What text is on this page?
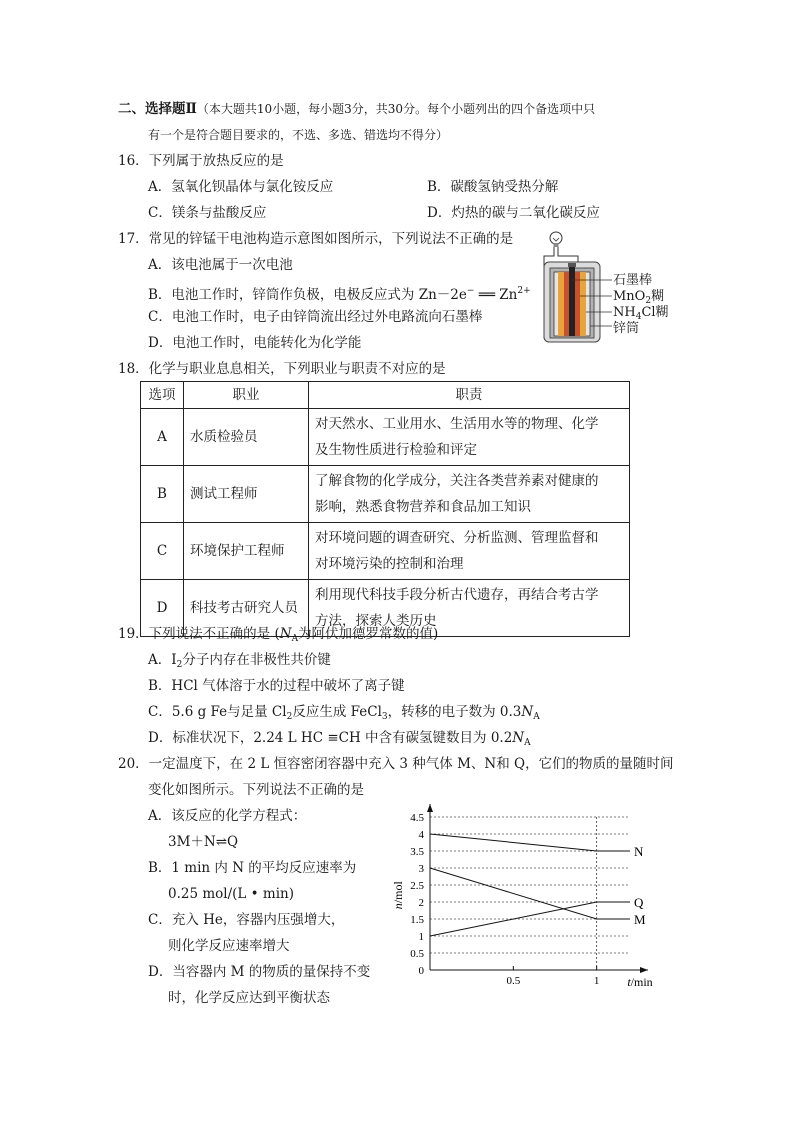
二、选择题Ⅱ（本大题共10小题，每小题3分，共30分。每个小题列出的四个备选项中只
有一个是符合题目要求的，不选、多选、错选均不得分）
16．下列属于放热反应的是
A．氢氧化钡晶体与氯化铵反应	B．碳酸氢钠受热分解
C．镁条与盐酸反应	D．灼热的碳与二氧化碳反应
17．常见的锌锰干电池构造示意图如图所示，下列说法不正确的是
A．该电池属于一次电池
B．电池工作时，锌筒作负极，电极反应式为 Zn－2e− ══ $Zn^{2+}$
C．电池工作时，电子由锌筒流出经过外电路流向石墨棒
D．电池工作时，电能转化为化学能
石墨棒
MnO$_2$糊
$NH_4Cl$糊
锌筒
18．化学与职业息息相关，下列职业与职责不对应的是
选项	职业	职责
A	水质检验员	对天然水、工业用水、生活用水等的物理、化学
及生物性质进行检验和评定
B	测试工程师	了解食物的化学成分，关注各类营养素对健康的
影响，熟悉食物营养和食品加工知识
C	环境保护工程师	对环境问题的调查研究、分析监测、管理监督和
对环境污染的控制和治理
D	科技考古研究人员	利用现代科技手段分析古代遗存，再结合考古学
方法，探索人类历史
19．下列说法不正确的是 ($N_A$为阿伏加德罗常数的值)
A．$I_2$分子内存在非极性共价键
B．HCl 气体溶于水的过程中破坏了离子键
C．5.6 g Fe与足量 $Cl_2$反应生成 FeCl$_3$，转移的电子数为 $0.3N_A$
D．标准状况下，2.24 L HC ≡CH 中含有碳氢键数目为 $0.2N_A$
20．一定温度下，在 2 L 恒容密闭容器中充入 3 种气体 M、N和 Q，它们的物质的量随时间
变化如图所示。下列说法不正确的是
A．该反应的化学方程式：
3M＋N⇌Q
B．1 min 内 N 的平均反应速率为
0.25 mol/(L • min)
C．充入 He，容器内压强增大，
则化学反应速率增大
D．当容器内 M 的物质的量保持不变
时，化学反应达到平衡状态
0
0.5
1
1.5
2
2.5
3
3.5
4
4.5
0.5	1 t/min
n/mol
N
Q
M
